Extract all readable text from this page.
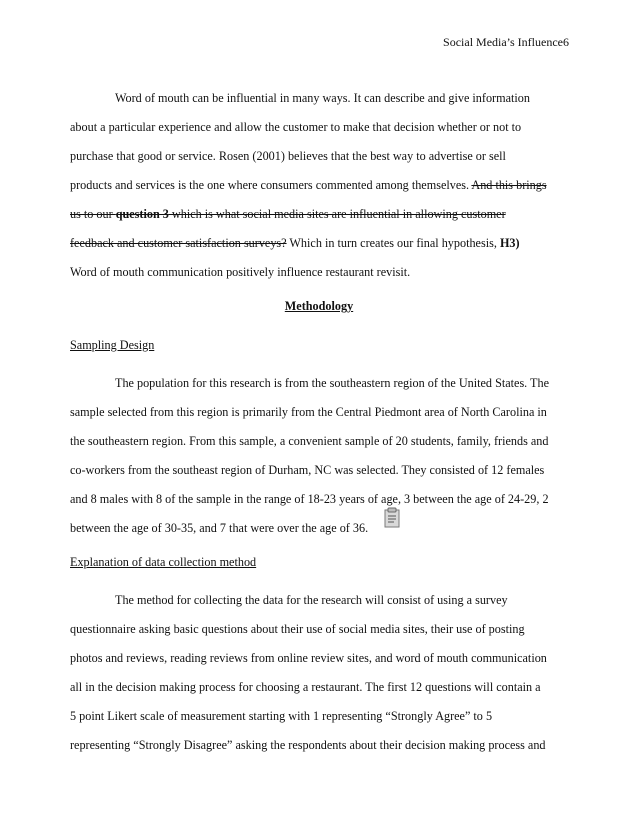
Social Media’s Influence6
Word of mouth can be influential in many ways. It can describe and give information
about a particular experience and allow the customer to make that decision whether or not to
purchase that good or service. Rosen (2001) believes that the best way to advertise or sell
products and services is the one where consumers commented among themselves. And this brings
us to our question 3 which is what social media sites are influential in allowing customer
feedback and customer satisfaction surveys? Which in turn creates our final hypothesis, H3)
Word of mouth communication positively influence restaurant revisit.
Methodology
Sampling Design
The population for this research is from the southeastern region of the United States. The
sample selected from this region is primarily from the Central Piedmont area of North Carolina in
the southeastern region. From this sample, a convenient sample of 20 students, family, friends and
co-workers from the southeast region of Durham, NC was selected. They consisted of 12 females
and 8 males with 8 of the sample in the range of 18-23 years of age, 3 between the age of 24-29, 2
between the age of 30-35, and 7 that were over the age of 36.
Explanation of data collection method
The method for collecting the data for the research will consist of using a survey
questionnaire asking basic questions about their use of social media sites, their use of posting
photos and reviews, reading reviews from online review sites, and word of mouth communication
all in the decision making process for choosing a restaurant. The first 12 questions will contain a
5 point Likert scale of measurement starting with 1 representing “Strongly Agree” to 5
representing “Strongly Disagree” asking the respondents about their decision making process and
